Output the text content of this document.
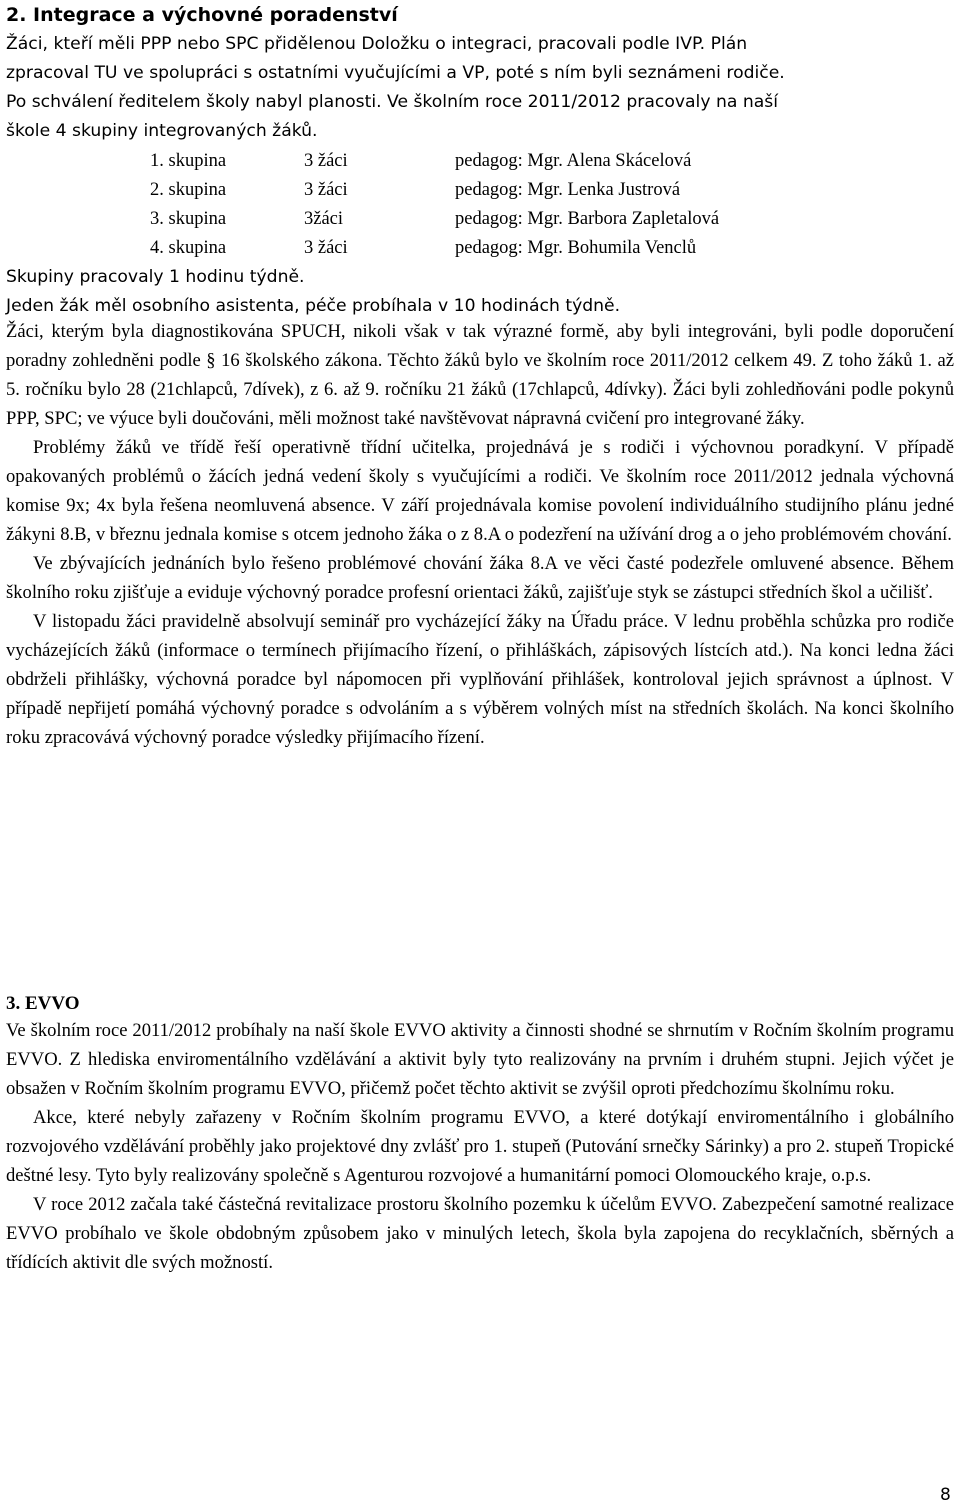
2. Integrace a výchovné poradenství

Žáci, kteří měli PPP nebo SPC přidělenou Doložku o integraci, pracovali podle IVP. Plán

zpracoval TU ve spolupráci s ostatními vyučujícími a VP, poté s ním byli seznámeni rodiče.

Po schválení ředitelem školy nabyl planosti. Ve školním roce 2011/2012 pracovaly na naší

škole 4 skupiny integrovaných žáků.

1. skupina	3 žáci	pedagog: Mgr. Alena Skácelová
2. skupina	3 žáci	pedagog: Mgr. Lenka Justrová
3. skupina	3žáci	pedagog: Mgr. Barbora Zapletalová
4. skupina	3 žáci	pedagog: Mgr. Bohumila Venclů

Skupiny pracovaly 1 hodinu týdně.

Jeden žák měl osobního asistenta, péče probíhala v 10 hodinách týdně.

Žáci, kterým byla diagnostikována SPUCH, nikoli však v tak výrazné formě, aby byli integrováni, byli podle doporučení poradny zohledněni podle § 16 školského zákona. Těchto žáků bylo ve školním roce 2011/2012 celkem 49. Z toho žáků 1. až 5. ročníku bylo 28 (21chlapců, 7dívek), z 6. až 9. ročníku 21 žáků (17chlapců, 4dívky). Žáci byli zohledňováni podle pokynů PPP, SPC; ve výuce byli doučováni, měli možnost také navštěvovat nápravná cvičení pro integrované žáky.

Problémy žáků ve třídě řeší operativně třídní učitelka, projednává je s rodiči i výchovnou poradkyní. V případě opakovaných problémů o žácích jedná vedení školy s vyučujícími a rodiči. Ve školním roce 2011/2012 jednala výchovná komise 9x; 4x byla řešena neomluvená absence. V září projednávala komise povolení individuálního studijního plánu jedné žákyni 8.B, v březnu jednala komise s otcem jednoho žáka o z 8.A o podezření na užívání drog a o jeho problémovém chování.

Ve zbývajících jednáních bylo řešeno problémové chování žáka 8.A ve věci časté podezřele omluvené absence. Během školního roku zjišťuje a eviduje výchovný poradce profesní orientaci žáků, zajišťuje styk se zástupci středních škol a učilišť.

V listopadu žáci pravidelně absolvují seminář pro vycházející žáky na Úřadu práce. V lednu proběhla schůzka pro rodiče vycházejících žáků (informace o termínech přijímacího řízení, o přihláškách, zápisových lístcích atd.). Na konci ledna žáci obdrželi přihlášky, výchovná poradce byl nápomocen při vyplňování přihlášek, kontroloval jejich správnost a úplnost. V případě nepřijetí pomáhá výchovný poradce s odvoláním a s výběrem volných míst na středních školách. Na konci školního roku zpracovává výchovný poradce výsledky přijímacího řízení.

3. EVVO

Ve školním roce 2011/2012 probíhaly na naší škole EVVO aktivity a činnosti shodné se shrnutím v Ročním školním programu EVVO. Z hlediska enviromentálního vzdělávání a aktivit byly tyto realizovány na prvním i druhém stupni. Jejich výčet je obsažen v Ročním školním programu EVVO, přičemž počet těchto aktivit se zvýšil oproti předchozímu školnímu roku.

Akce, které nebyly zařazeny v Ročním školním programu EVVO, a které dotýkají enviromentálního i globálního rozvojového vzdělávání proběhly jako projektové dny zvlášť pro 1. stupeň (Putování srnečky Sárinky) a pro 2. stupeň Tropické deštné lesy. Tyto byly realizovány společně s Agenturou rozvojové a humanitární pomoci Olomouckého kraje, o.p.s.

V roce 2012 začala také částečná revitalizace prostoru školního pozemku k účelům EVVO. Zabezpečení samotné realizace EVVO probíhalo ve škole obdobným způsobem jako v minulých letech, škola byla zapojena do recyklačních, sběrných a třídících aktivit dle svých možností.

8
